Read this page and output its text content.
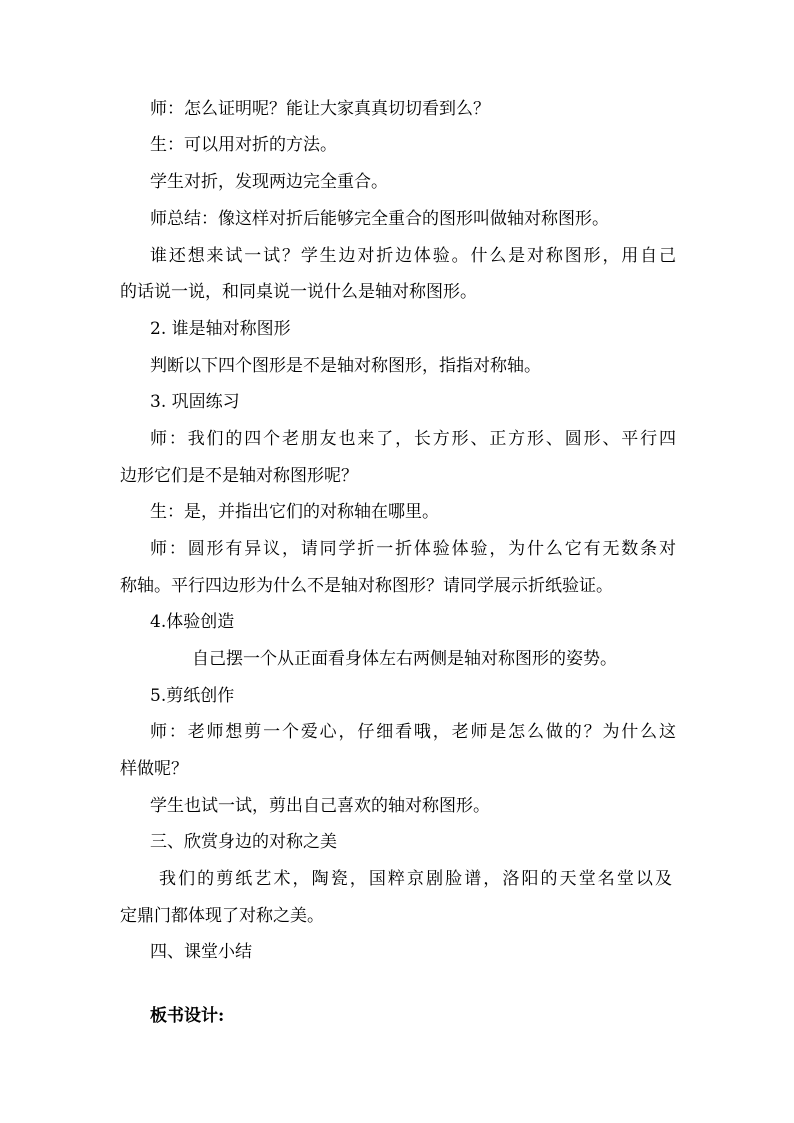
师：怎么证明呢？能让大家真真切切看到么？

生：可以用对折的方法。

学生对折，发现两边完全重合。

师总结：像这样对折后能够完全重合的图形叫做轴对称图形。

谁还想来试一试？学生边对折边体验。什么是对称图形，用自己

的话说一说，和同桌说一说什么是轴对称图形。

2. 谁是轴对称图形

判断以下四个图形是不是轴对称图形，指指对称轴。

3. 巩固练习

师：我们的四个老朋友也来了，长方形、正方形、圆形、平行四

边形它们是不是轴对称图形呢？

生：是，并指出它们的对称轴在哪里。

师：圆形有异议，请同学折一折体验体验，为什么它有无数条对

称轴。平行四边形为什么不是轴对称图形？请同学展示折纸验证。

4.体验创造

自己摆一个从正面看身体左右两侧是轴对称图形的姿势。

5.剪纸创作

师：老师想剪一个爱心，仔细看哦，老师是怎么做的？为什么这

样做呢？

学生也试一试，剪出自己喜欢的轴对称图形。

三、欣赏身边的对称之美

我们的剪纸艺术，陶瓷，国粹京剧脸谱，洛阳的天堂名堂以及

定鼎门都体现了对称之美。

四、课堂小结

板书设计:
